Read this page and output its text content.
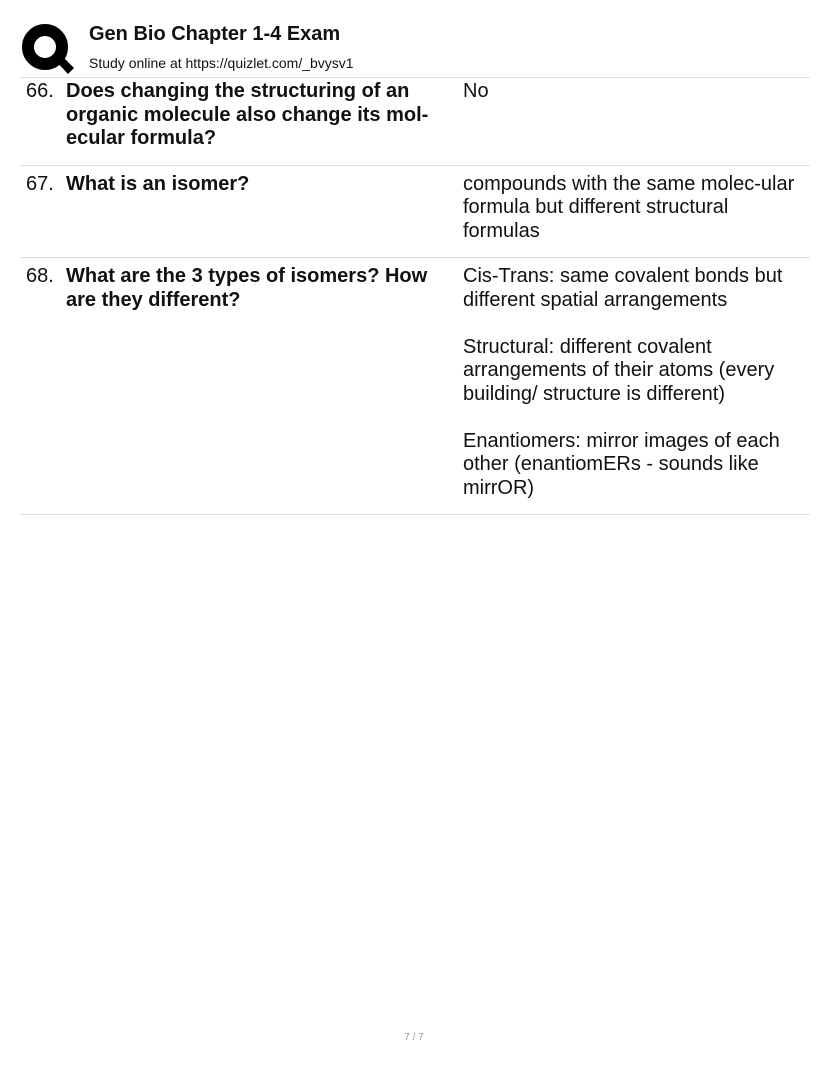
Gen Bio Chapter 1-4 Exam
Study online at https://quizlet.com/_bvysv1
66. Does changing the structuring of an organic molecule also change its mol-ecular formula?

No

67. What is an isomer?	compounds with the same molec-ular formula but different structural formulas

68. What are the 3 types of isomers? How are they different?

Cis-Trans: same covalent bonds but different spatial arrangements

Structural: different covalent arrangements of their atoms (every building/ structure is different)

Enantiomers: mirror images of each other (enantiomERs - sounds like mirrOR)

7 / 7
